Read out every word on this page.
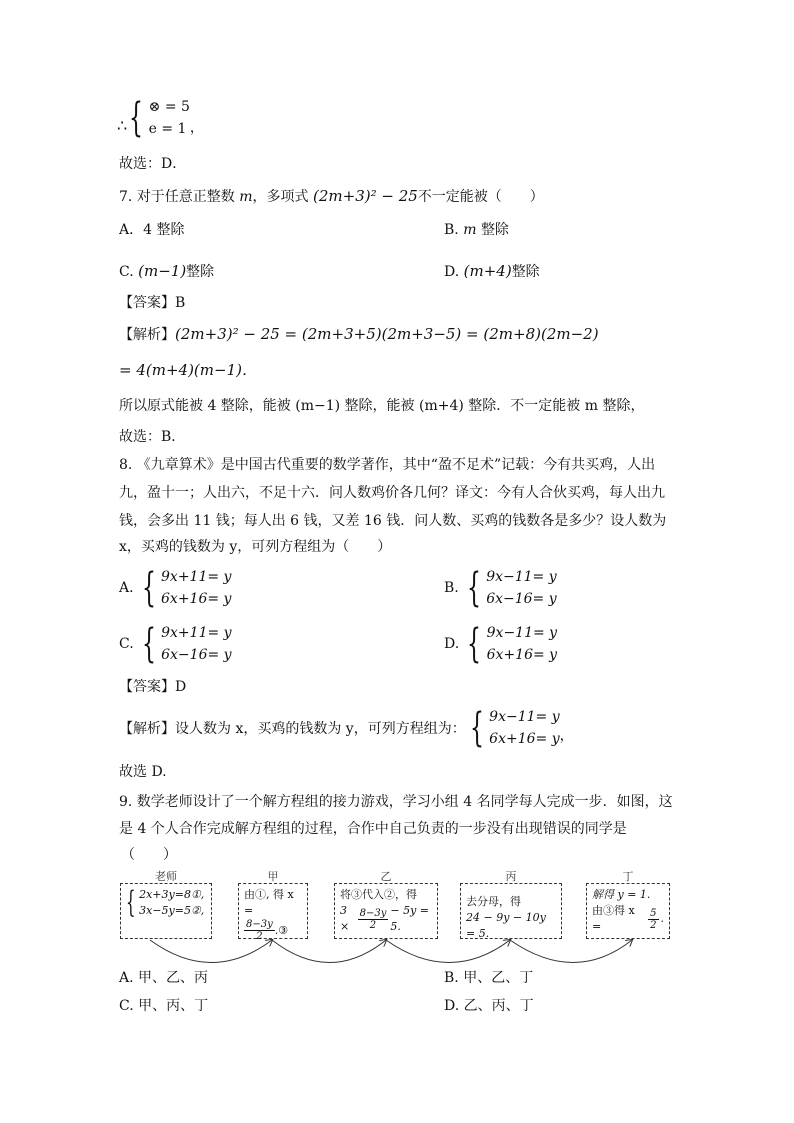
∴ { ⊗ = 5
e = 1 ，
故选：D．
7. 对于任意正整数 m，多项式 (2m+3)² − 25不一定能被（　　）
A．4 整除	B. m 整除
C. (m−1)整除	D. (m+4)整除
【答案】B
【解析】(2m+3)² − 25 = (2m+3+5)(2m+3−5) = (2m+8)(2m−2)
= 4(m+4)(m−1)．
所以原式能被 4 整除，能被 (m−1) 整除，能被 (m+4) 整除．不一定能被 m 整除，
故选：B．
8. 《九章算术》是中国古代重要的数学著作，其中“盈不足术”记载：今有共买鸡，人出
九，盈十一；人出六，不足十六．问人数鸡价各几何？译文：今有人合伙买鸡，每人出九
钱，会多出 11 钱；每人出 6 钱，又差 16 钱．问人数、买鸡的钱数各是多少？设人数为
x，买鸡的钱数为 y，可列方程组为（　　）
A. { 9x+11= y
6x+16= y
B. { 9x−11= y
6x−16= y
C. { 9x+11= y
6x−16= y
D. { 9x−11= y
6x+16= y
【答案】D
【解析】 设人数为 x，买鸡的钱数为 y，可列方程组为： { 9x−11= y
6x+16= y ，
故选 D.
9. 数学老师设计了一个解方程组的接力游戏，学习小组 4 名同学每人完成一步．如图，这
是 4 个人合作完成解方程组的过程，合作中自己负责的一步没有出现错误的同学是
（　　）
老师	甲	乙	丙	丁
{ 2x+3y=8①,
3x−5y=5②,
由①, 得 x =
$\frac{8-3y}{2}$ .③
将③代入②，得
$3 \times \frac{8-3y}{2} - 5y = 5$.
去分母，得
24 − 9y − 10y = 5.
解得 y = 1.
由③得 x =	$\frac{5}{2}$ .
A. 甲、乙、丙	B. 甲、乙、丁
C. 甲、丙、丁	D. 乙、丙、丁
